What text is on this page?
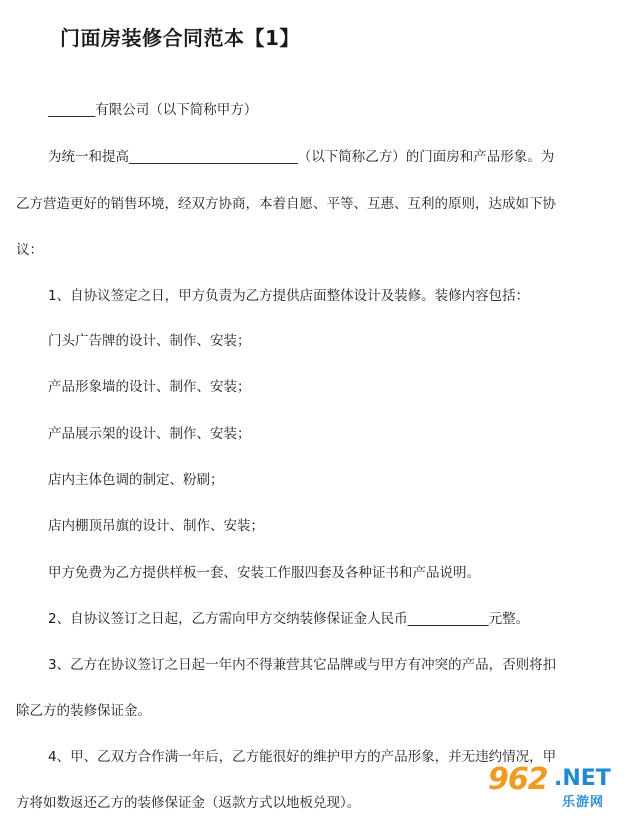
门面房装修合同范本【1】
_______有限公司（以下简称甲方）
为统一和提高_________________________（以下简称乙方）的门面房和产品形象。为
乙方营造更好的销售环境，经双方协商，本着自愿、平等、互惠、互利的原则，达成如下协
议：
1、自协议签定之日，甲方负责为乙方提供店面整体设计及装修。装修内容包括：
门头广告牌的设计、制作、安装；
产品形象墙的设计、制作、安装；
产品展示架的设计、制作、安装；
店内主体色调的制定、粉刷；
店内棚顶吊旗的设计、制作、安装；
甲方免费为乙方提供样板一套、安装工作服四套及各种证书和产品说明。
2、自协议签订之日起，乙方需向甲方交纳装修保证金人民币____________元整。
3、乙方在协议签订之日起一年内不得兼营其它品牌或与甲方有冲突的产品，否则将扣
除乙方的装修保证金。
4、甲、乙双方合作满一年后，乙方能很好的维护甲方的产品形象，并无违约情况，甲
方将如数返还乙方的装修保证金（返款方式以地板兑现）。
962 .NET
乐游网
